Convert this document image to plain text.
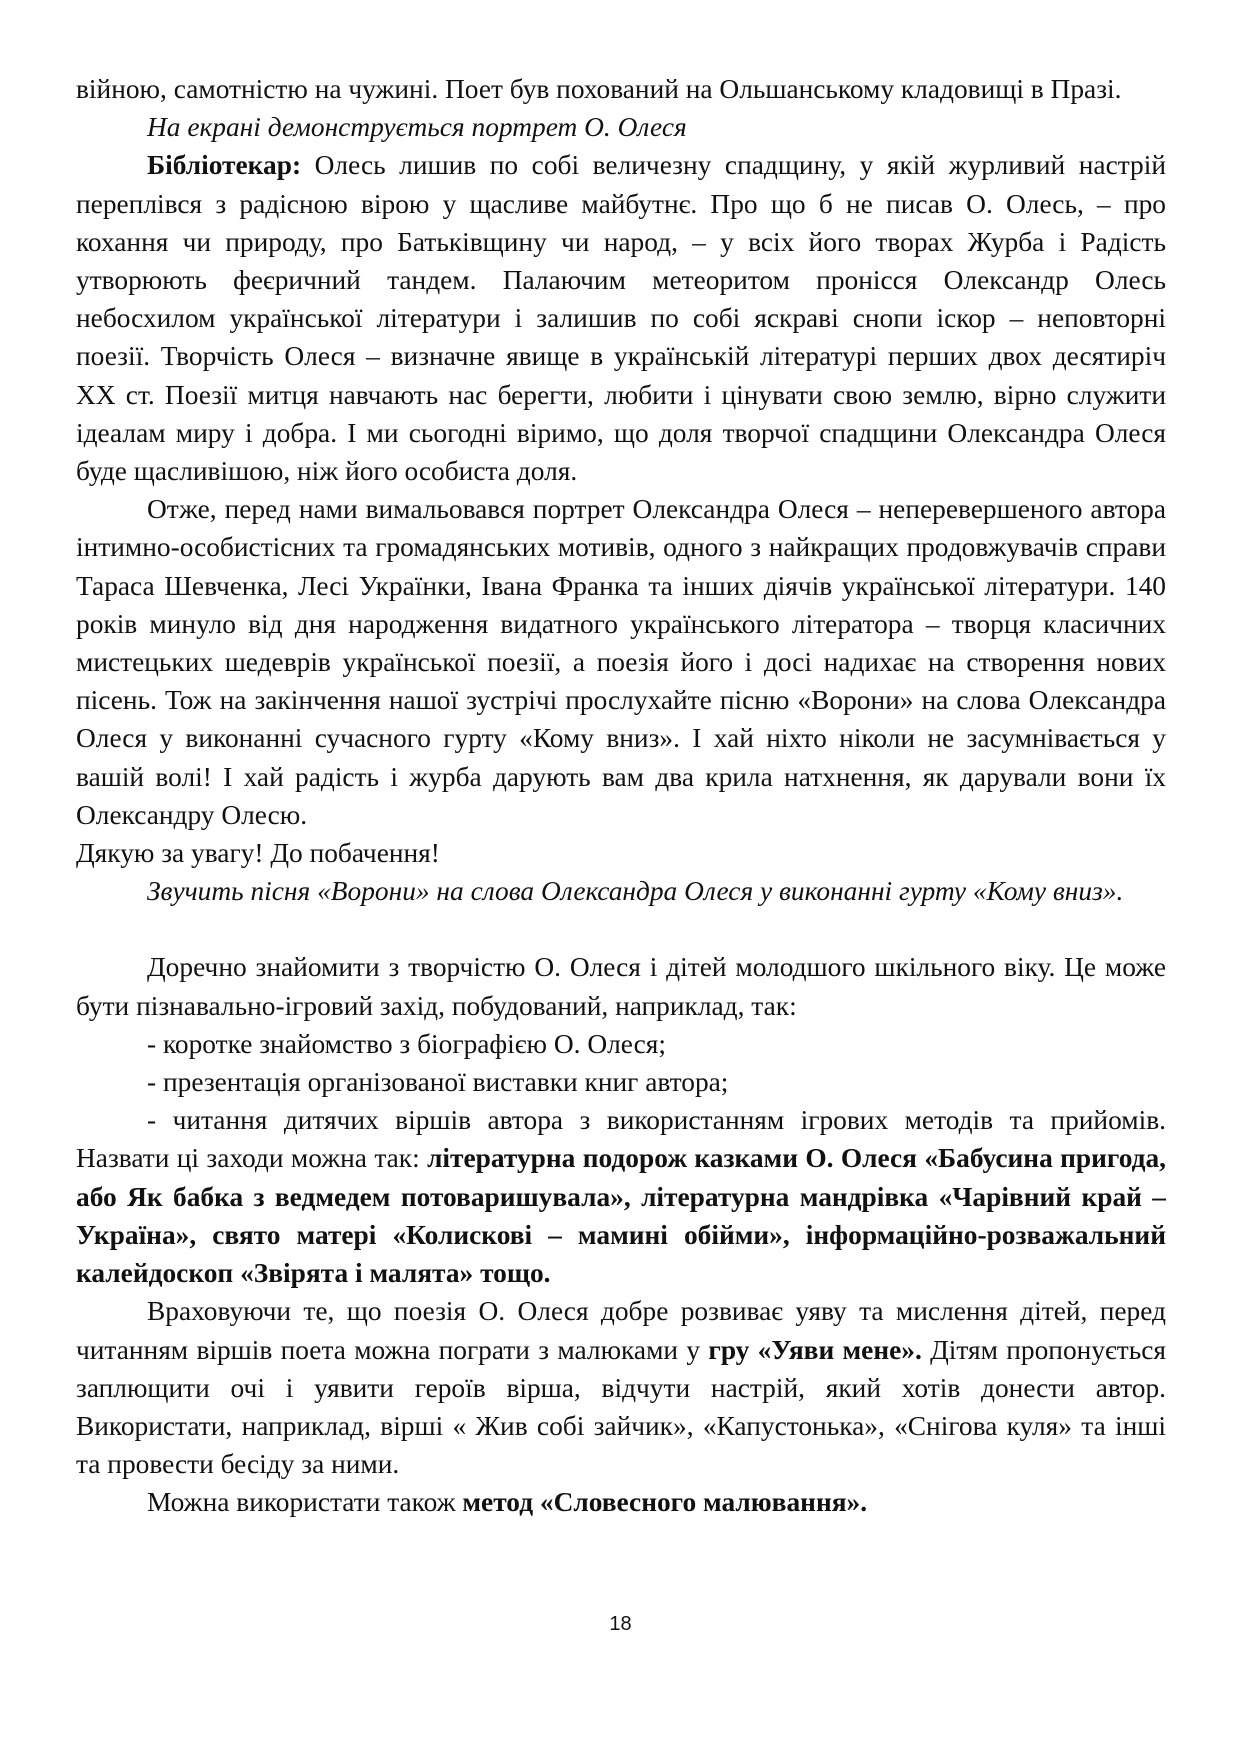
війною, самотністю на чужині. Поет був похований на Ольшанському кладовищі в Празі.

На екрані демонструється портрет О. Олеся

Бібліотекар: Олесь лишив по собі величезну спадщину, у якій журливий настрій переплівся з радісною вірою у щасливе майбутнє. Про що б не писав О. Олесь, – про кохання чи природу, про Батьківщину чи народ, – у всіх його творах Журба і Радість утворюють феєричний тандем. Палаючим метеоритом пронісся Олександр Олесь небосхилом української літератури і залишив по собі яскраві снопи іскор – неповторні поезії. Творчість Олеся – визначне явище в українській літературі перших двох десятиріч XX ст. Поезії митця навчають нас берегти, любити і цінувати свою землю, вірно служити ідеалам миру і добра. І ми сьогодні віримо, що доля творчої спадщини Олександра Олеся буде щасливішою, ніж його особиста доля.

Отже, перед нами вимальовався портрет Олександра Олеся – неперевершеного автора інтимно-особистісних та громадянських мотивів, одного з найкращих продовжувачів справи Тараса Шевченка, Лесі Українки, Івана Франка та інших діячів української літератури. 140 років минуло від дня народження видатного українського літератора – творця класичних мистецьких шедеврів української поезії, а поезія його і досі надихає на створення нових пісень. Тож на закінчення нашої зустрічі прослухайте пісню «Ворони» на слова Олександра Олеся у виконанні сучасного гурту «Кому вниз». І хай ніхто ніколи не засумнівається у вашій волі! І хай радість і журба дарують вам два крила натхнення, як дарували вони їх Олександру Олесю.

Дякую за увагу! До побачення!

Звучить пісня «Ворони» на слова Олександра Олеся у виконанні гурту «Кому вниз».

Доречно знайомити з творчістю О. Олеся і дітей молодшого шкільного віку. Це може бути пізнавально-ігровий захід, побудований, наприклад, так:

- коротке знайомство з біографією О. Олеся;

- презентація організованої виставки книг автора;

- читання дитячих віршів автора з використанням ігрових методів та прийомів. Назвати ці заходи можна так: літературна подорож казками О. Олеся «Бабусина пригода, або Як бабка з ведмедем потоваришувала», літературна мандрівка «Чарівний край – Україна», свято матері «Колискові – мамині обійми», інформаційно-розважальний калейдоскоп «Звірята і малята» тощо.

Враховуючи те, що поезія О. Олеся добре розвиває уяву та мислення дітей, перед читанням віршів поета можна пограти з малюками у гру «Уяви мене». Дітям пропонується заплющити очі і уявити героїв вірша, відчути настрій, який хотів донести автор. Використати, наприклад, вірші « Жив собі зайчик», «Капустонька», «Снігова куля» та інші та провести бесіду за ними.

Можна використати також метод «Словесного малювання».

18
